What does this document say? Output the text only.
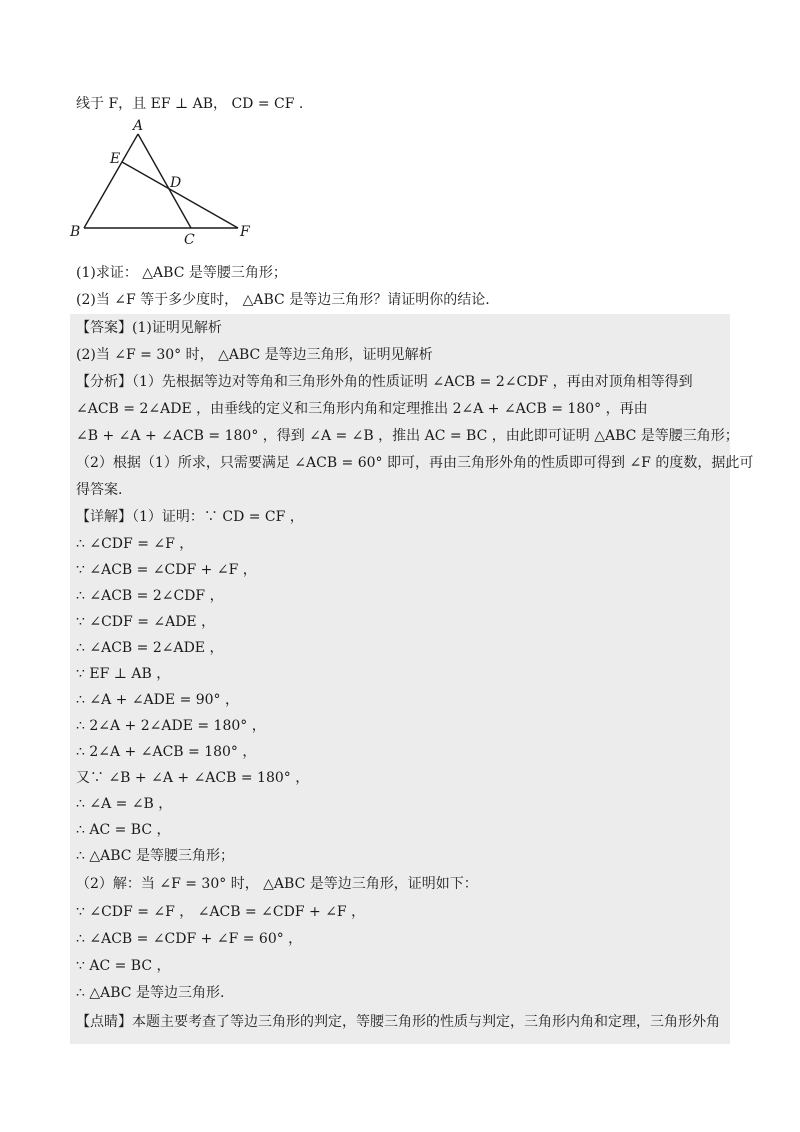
线于 F，且 EF ⊥ AB， CD = CF .
A
E
D
B	C	F
(1)求证： △ABC 是等腰三角形；
(2)当 ∠F 等于多少度时， △ABC 是等边三角形？请证明你的结论.
【答案】(1)证明见解析
(2)当 ∠F = 30° 时， △ABC 是等边三角形，证明见解析
【分析】（1）先根据等边对等角和三角形外角的性质证明 ∠ACB = 2∠CDF ，再由对顶角相等得到
∠ACB = 2∠ADE ，由垂线的定义和三角形内角和定理推出 2∠A + ∠ACB = 180° ，再由
∠B + ∠A + ∠ACB = 180° ，得到 ∠A = ∠B ，推出 AC = BC ，由此即可证明 △ABC 是等腰三角形；
（2）根据（1）所求，只需要满足 ∠ACB = 60° 即可，再由三角形外角的性质即可得到 ∠F 的度数，据此可
得答案.
【详解】（1）证明：∵ CD = CF ，
∴ ∠CDF = ∠F ，
∵ ∠ACB = ∠CDF + ∠F ，
∴ ∠ACB = 2∠CDF ，
∵ ∠CDF = ∠ADE ，
∴ ∠ACB = 2∠ADE ，
∵ EF ⊥ AB ，
∴ ∠A + ∠ADE = 90° ，
∴ 2∠A + 2∠ADE = 180° ，
∴ 2∠A + ∠ACB = 180° ，
又∵ ∠B + ∠A + ∠ACB = 180° ，
∴ ∠A = ∠B ，
∴ AC = BC ，
∴ △ABC 是等腰三角形；
（2）解：当 ∠F = 30° 时， △ABC 是等边三角形，证明如下：
∵ ∠CDF = ∠F ， ∠ACB = ∠CDF + ∠F ，
∴ ∠ACB = ∠CDF + ∠F = 60° ，
∵ AC = BC ，
∴ △ABC 是等边三角形.
【点睛】本题主要考查了等边三角形的判定，等腰三角形的性质与判定，三角形内角和定理，三角形外角
